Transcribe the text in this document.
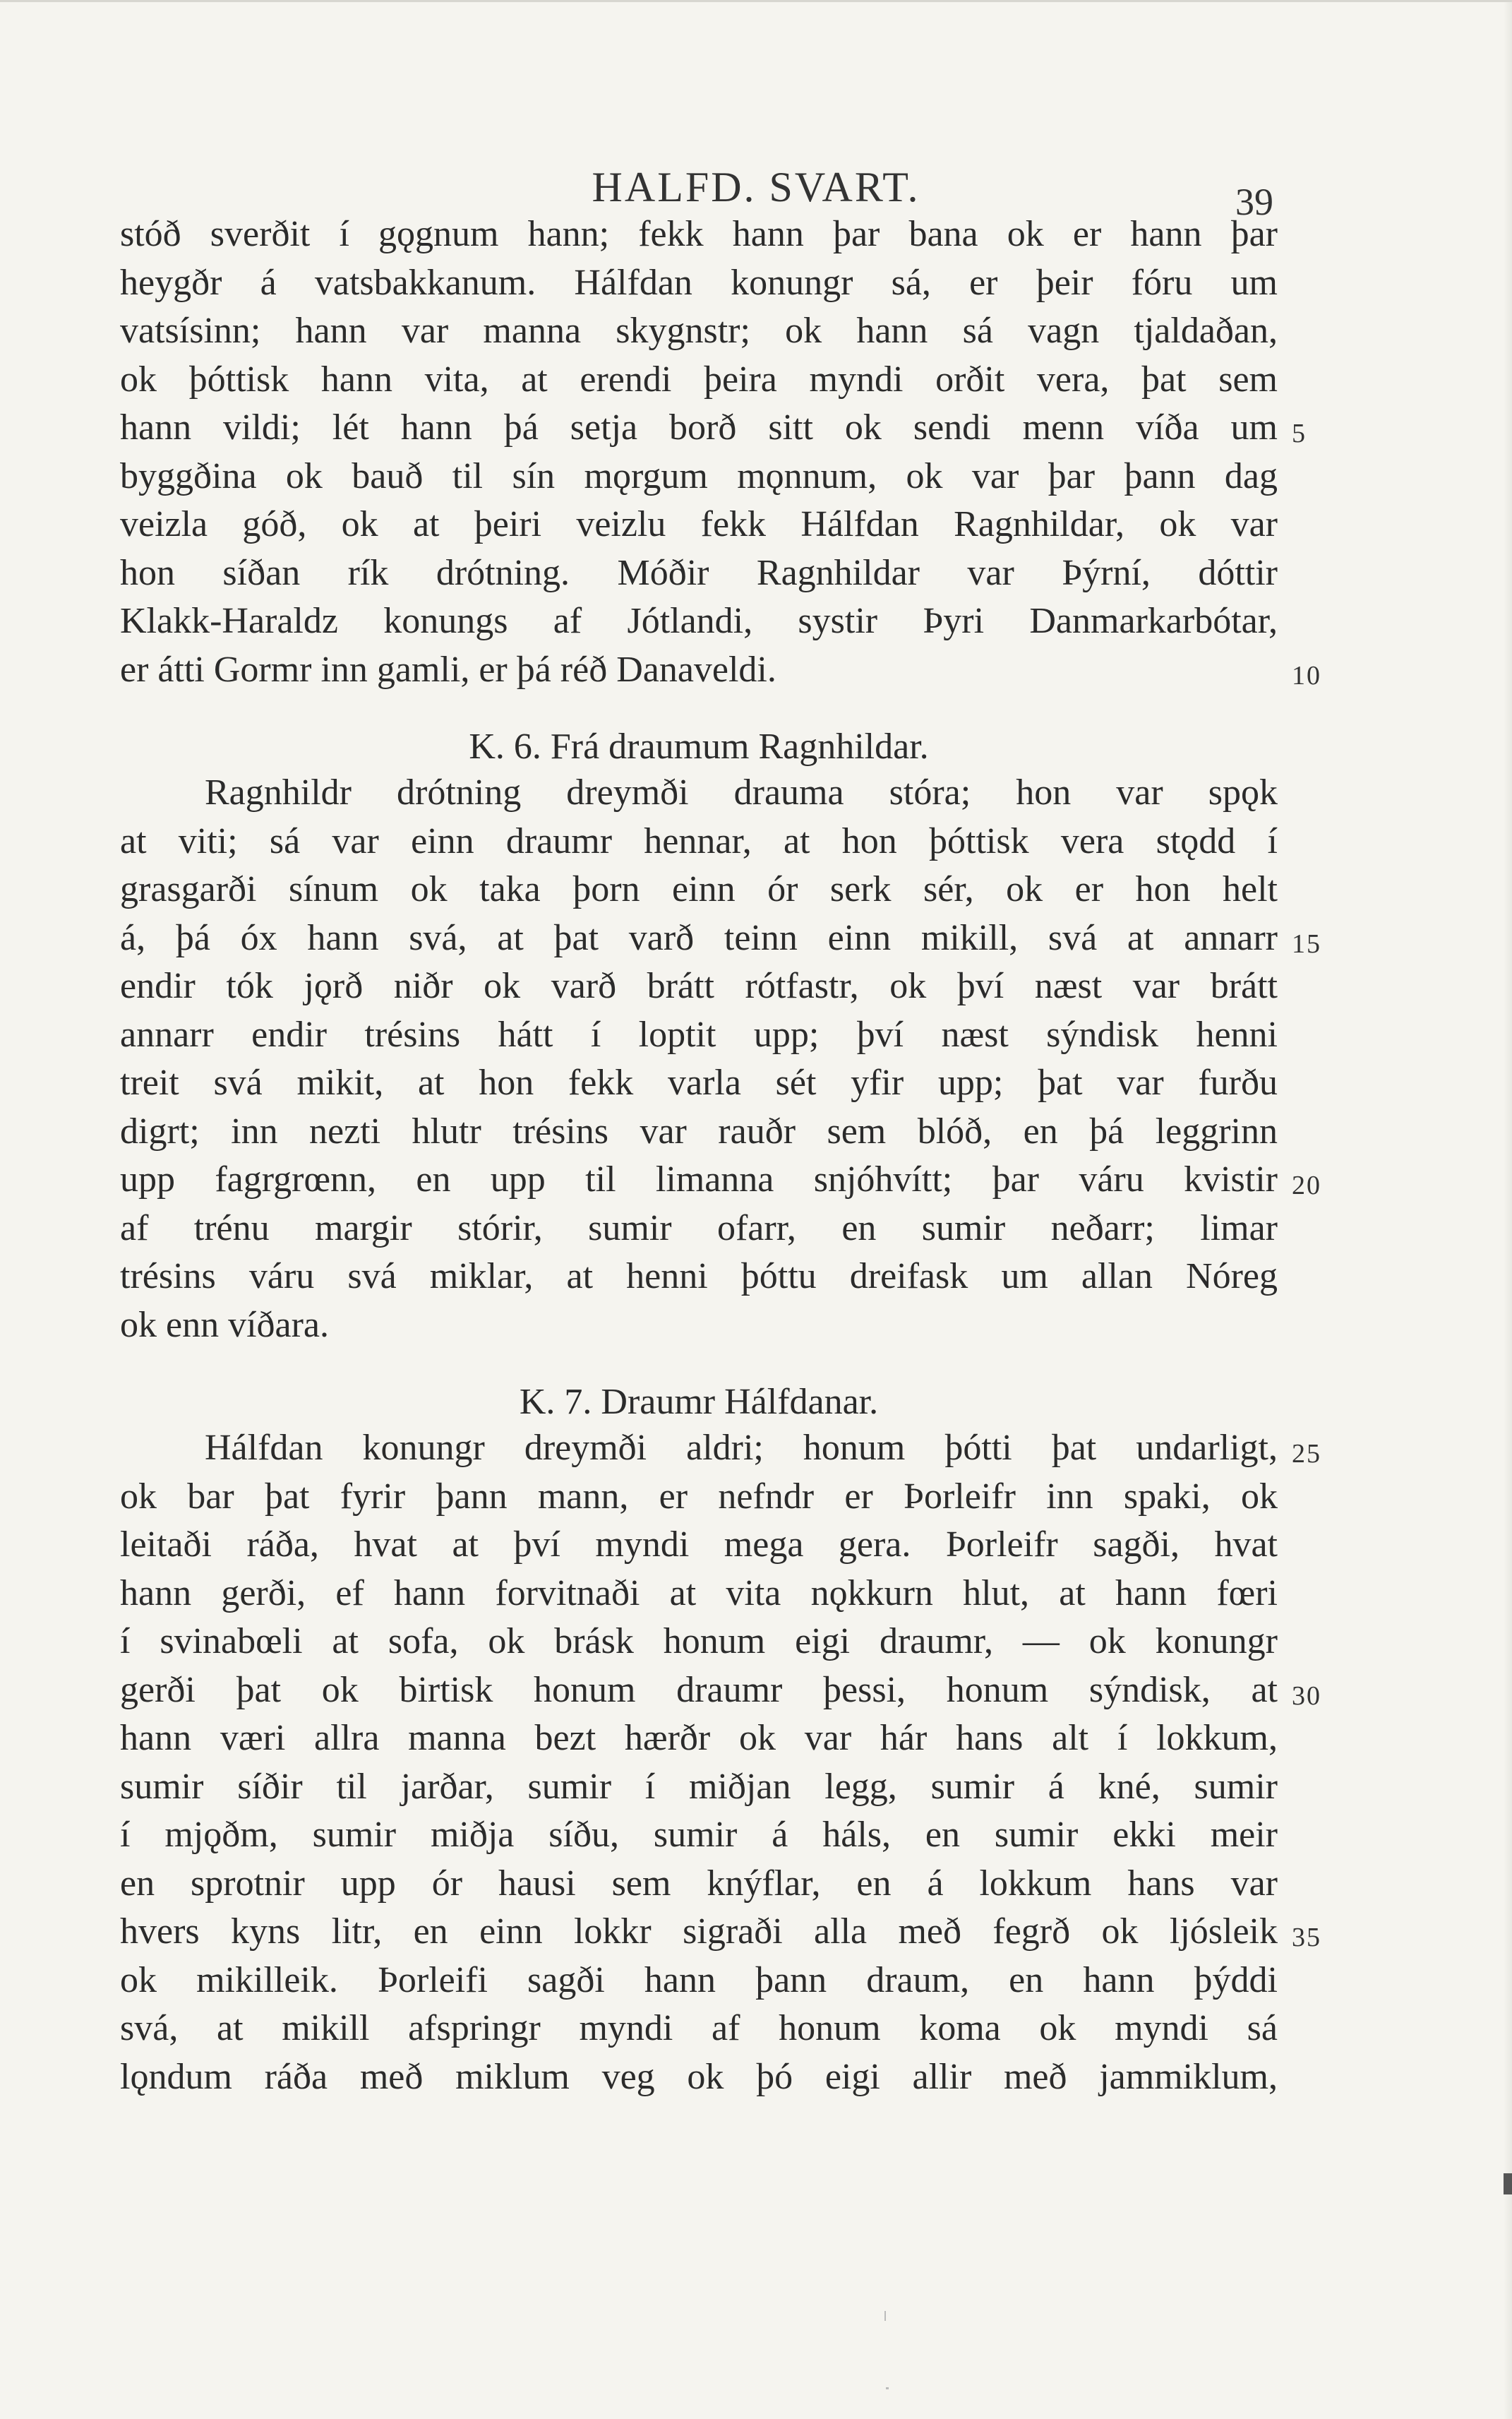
HALFD. SVART.	39
stóð sverðit í gǫgnum hann; fekk hann þar bana ok er hann þar
heygðr á vatsbakkanum. Hálfdan konungr sá, er þeir fóru um
vatsísinn; hann var manna skygnstr; ok hann sá vagn tjaldaðan,
ok þóttisk hann vita, at erendi þeira myndi orðit vera, þat sem
hann vildi; lét hann þá setja borð sitt ok sendi menn víða um 5
byggðina ok bauð til sín mǫrgum mǫnnum, ok var þar þann dag
veizla góð, ok at þeiri veizlu fekk Hálfdan Ragnhildar, ok var
hon síðan rík drótning. Móðir Ragnhildar var Þýrní, dóttir
Klakk-Haraldz konungs af Jótlandi, systir Þyri Danmarkarbótar,
er átti Gormr inn gamli, er þá réð Danaveldi.	10
K. 6. Frá draumum Ragnhildar.
Ragnhildr drótning dreymði drauma stóra; hon var spǫk
at viti; sá var einn draumr hennar, at hon þóttisk vera stǫdd í
grasgarði sínum ok taka þorn einn ór serk sér, ok er hon helt
á, þá óx hann svá, at þat varð teinn einn mikill, svá at annarr 15
endir tók jǫrð niðr ok varð brátt rótfastr, ok því næst var brátt
annarr endir trésins hátt í loptit upp; því næst sýndisk henni
treit svá mikit, at hon fekk varla sét yfir upp; þat var furðu
digrt; inn nezti hlutr trésins var rauðr sem blóð, en þá leggrinn
upp fagrgrœnn, en upp til limanna snjóhvítt; þar váru kvistir 20
af trénu margir stórir, sumir ofarr, en sumir neðarr; limar
trésins váru svá miklar, at henni þóttu dreifask um allan Nóreg
ok enn víðara.
K. 7. Draumr Hálfdanar.
Hálfdan konungr dreymði aldri; honum þótti þat undarligt, 25
ok bar þat fyrir þann mann, er nefndr er Þorleifr inn spaki, ok
leitaði ráða, hvat at því myndi mega gera. Þorleifr sagði, hvat
hann gerði, ef hann forvitnaði at vita nǫkkurn hlut, at hann fœri
í svinabœli at sofa, ok brásk honum eigi draumr, — ok konungr
gerði þat ok birtisk honum draumr þessi, honum sýndisk, at 30
hann væri allra manna bezt hærðr ok var hár hans alt í lokkum,
sumir síðir til jarðar, sumir í miðjan legg, sumir á kné, sumir
í mjǫðm, sumir miðja síðu, sumir á háls, en sumir ekki meir
en sprotnir upp ór hausi sem knýflar, en á lokkum hans var
hvers kyns litr, en einn lokkr sigraði alla með fegrð ok ljósleik 35
ok mikilleik. Þorleifi sagði hann þann draum, en hann þýddi
svá, at mikill afspringr myndi af honum koma ok myndi sá
lǫndum ráða með miklum veg ok þó eigi allir með jammiklum,
